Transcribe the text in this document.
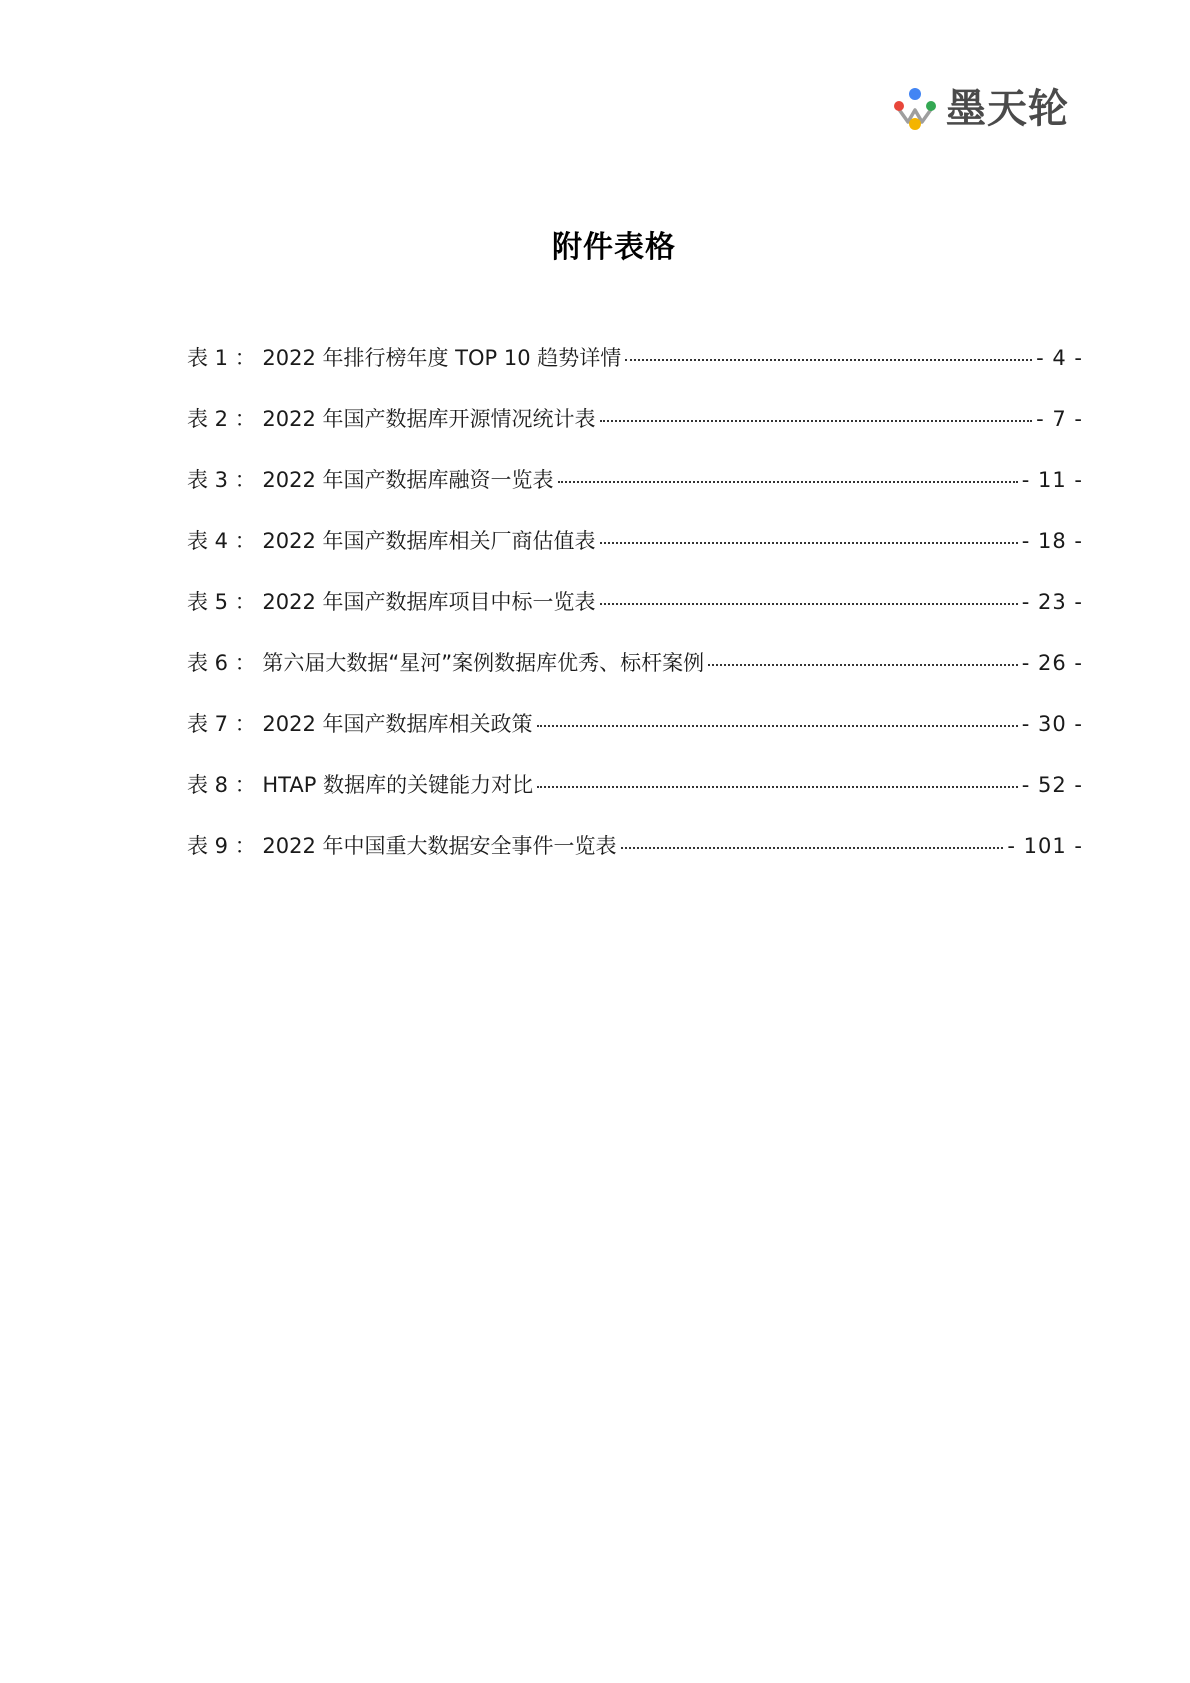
墨天轮
附件表格
表 1 ： 2022 年排行榜年度 TOP 10 趋势详情	- 4 -
表 2 ： 2022 年国产数据库开源情况统计表	- 7 -
表 3 ： 2022 年国产数据库融资一览表	- 11 -
表 4 ： 2022 年国产数据库相关厂商估值表	- 18 -
表 5 ： 2022 年国产数据库项目中标一览表	- 23 -
表 6 ： 第六届大数据“星河”案例数据库优秀、标杆案例	- 26 -
表 7 ： 2022 年国产数据库相关政策	- 30 -
表 8 ： HTAP 数据库的关键能力对比	- 52 -
表 9 ： 2022 年中国重大数据安全事件一览表	- 101 -
